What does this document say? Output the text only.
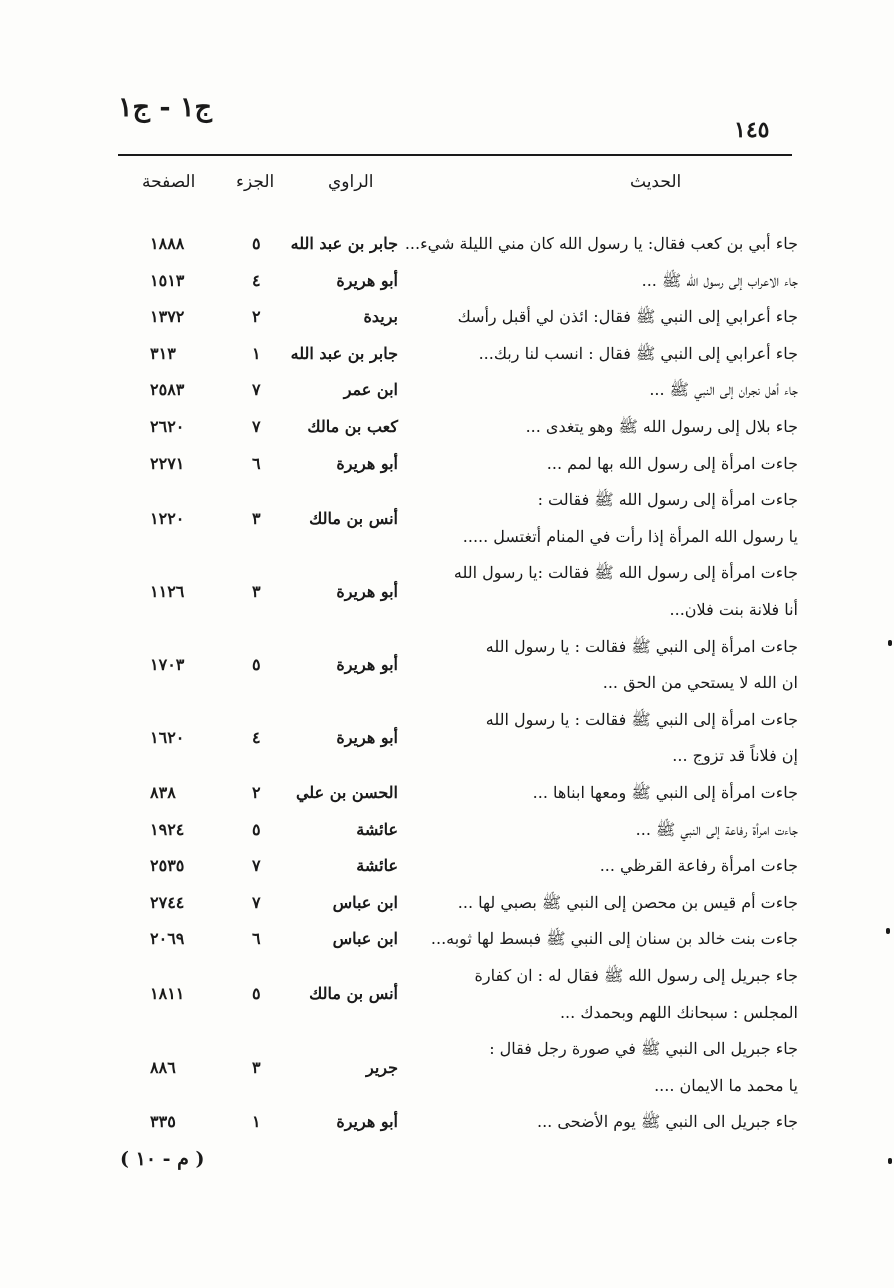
ج١ - ج١
١٤٥
الحديث
الراوي
الجزء
الصفحة
جاء أبي بن كعب فقال: يا رسول الله كان مني الليلة شيء...
جابر بن عبد الله
٥
١٨٨٨
جاء الاعراب إلى رسول الله ﷺ ...
أبو هريرة
٤
١٥١٣
جاء أعرابي إلى النبي ﷺ فقال: ائذن لي أقبل رأسك
بريدة
٢
١٣٧٢
جاء أعرابي إلى النبي ﷺ فقال : انسب لنا ربك...
جابر بن عبد الله
١
٣١٣
جاء أهل نجران إلى النبي ﷺ ...
ابن عمر
٧
٢٥٨٣
جاء بلال إلى رسول الله ﷺ وهو يتغدى ...
كعب بن مالك
٧
٢٦٢٠
جاءت امرأة إلى رسول الله بها لمم ...
أبو هريرة
٦
٢٢٧١
جاءت امرأة إلى رسول الله ﷺ فقالت :
يا رسول الله المرأة إذا رأت في المنام أتغتسل .....
أنس بن مالك
٣
١٢٢٠
جاءت امرأة إلى رسول الله ﷺ فقالت :يا رسول الله
أنا فلانة بنت فلان...
أبو هريرة
٣
١١٢٦
جاءت امرأة إلى النبي ﷺ فقالت : يا رسول الله
ان الله لا يستحي من الحق ...
أبو هريرة
٥
١٧٠٣
جاءت امرأة إلى النبي ﷺ فقالت : يا رسول الله
إن فلاناً قد تزوج ...
أبو هريرة
٤
١٦٢٠
جاءت امرأة إلى النبي ﷺ ومعها ابناها ...
الحسن بن علي
٢
٨٣٨
جاءت امرأة رفاعة إلى النبي ﷺ ...
عائشة
٥
١٩٢٤
جاءت امرأة رفاعة القرظي ...
عائشة
٧
٢٥٣٥
جاءت أم قيس بن محصن إلى النبي ﷺ بصبي لها ...
ابن عباس
٧
٢٧٤٤
جاءت بنت خالد بن سنان إلى النبي ﷺ فبسط لها ثوبه...
ابن عباس
٦
٢٠٦٩
جاء جبريل إلى رسول الله ﷺ فقال له : ان كفارة
المجلس : سبحانك اللهم وبحمدك ...
أنس بن مالك
٥
١٨١١
جاء جبريل الى النبي ﷺ في صورة رجل فقال :
يا محمد ما الايمان ....
جرير
٣
٨٨٦
جاء جبريل الى النبي ﷺ يوم الأضحى ...
أبو هريرة
١
٣٣٥
( م - ١٠ )
